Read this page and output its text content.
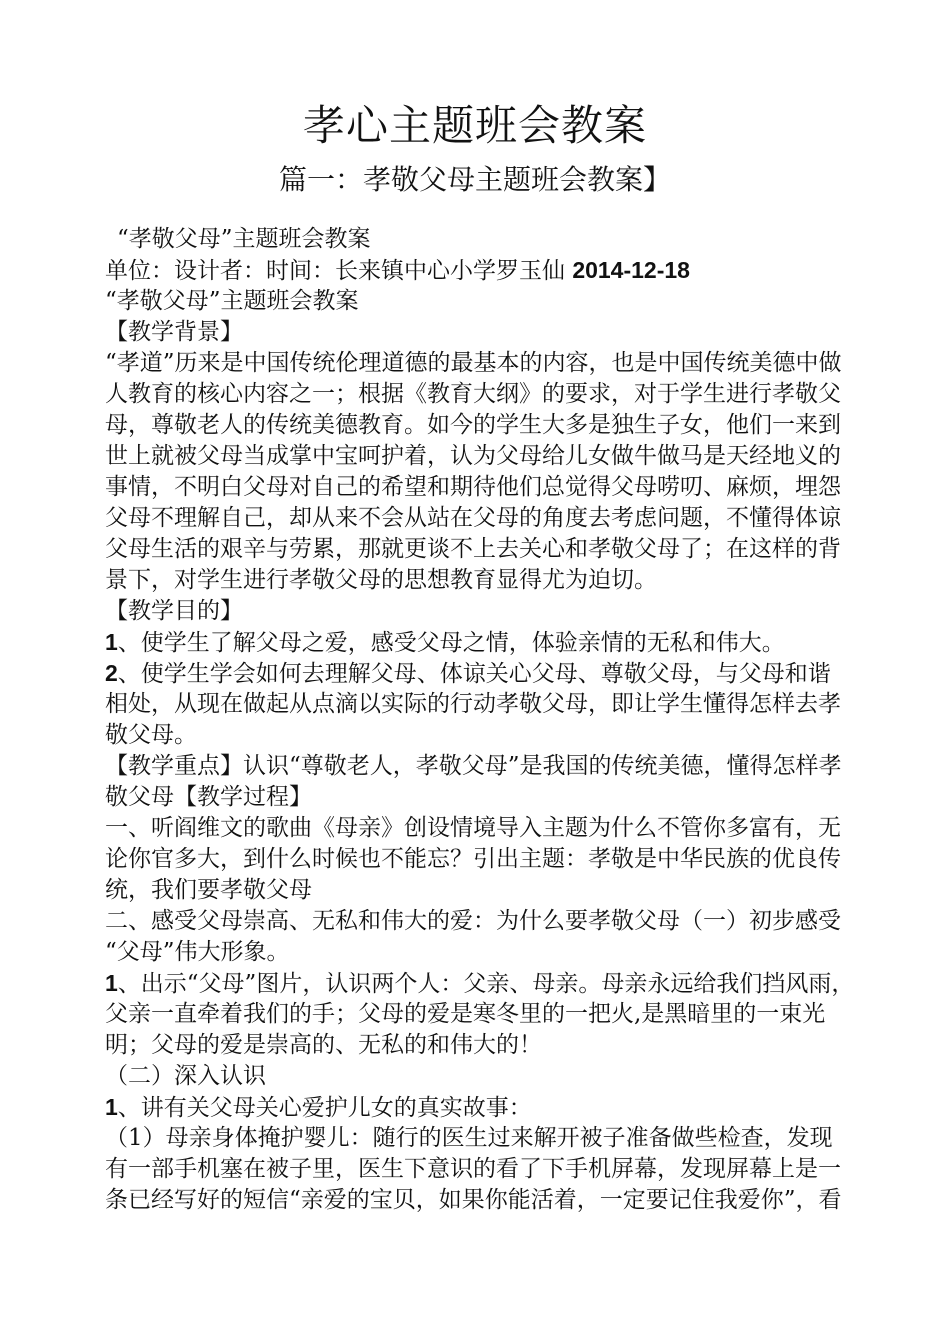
孝心主题班会教案
篇一：孝敬父母主题班会教案】
“孝敬父母”主题班会教案
单位：设计者：时间：长来镇中心小学罗玉仙 2014-12-18
“孝敬父母”主题班会教案
【教学背景】
“孝道”历来是中国传统伦理道德的最基本的内容，也是中国传统美德中做
人教育的核心内容之一；根据《教育大纲》的要求，对于学生进行孝敬父
母，尊敬老人的传统美德教育。如今的学生大多是独生子女，他们一来到
世上就被父母当成掌中宝呵护着，认为父母给儿女做牛做马是天经地义的
事情，不明白父母对自己的希望和期待他们总觉得父母唠叨、麻烦，埋怨
父母不理解自己，却从来不会从站在父母的角度去考虑问题，不懂得体谅
父母生活的艰辛与劳累，那就更谈不上去关心和孝敬父母了；在这样的背
景下，对学生进行孝敬父母的思想教育显得尤为迫切。
【教学目的】
1、使学生了解父母之爱，感受父母之情，体验亲情的无私和伟大。
2、使学生学会如何去理解父母、体谅关心父母、尊敬父母，与父母和谐
相处，从现在做起从点滴以实际的行动孝敬父母，即让学生懂得怎样去孝
敬父母。
【教学重点】认识“尊敬老人，孝敬父母”是我国的传统美德，懂得怎样孝
敬父母【教学过程】
一、听阎维文的歌曲《母亲》创设情境导入主题为什么不管你多富有，无
论你官多大，到什么时候也不能忘？引出主题：孝敬是中华民族的优良传
统，我们要孝敬父母
二、感受父母崇高、无私和伟大的爱：为什么要孝敬父母（一）初步感受
“父母”伟大形象。
1、出示“父母”图片，认识两个人：父亲、母亲。母亲永远给我们挡风雨，
父亲一直牵着我们的手；父母的爱是寒冬里的一把火,是黑暗里的一束光
明；父母的爱是崇高的、无私的和伟大的！
（二）深入认识
1、讲有关父母关心爱护儿女的真实故事：
（1）母亲身体掩护婴儿：随行的医生过来解开被子准备做些检查，发现
有一部手机塞在被子里，医生下意识的看了下手机屏幕，发现屏幕上是一
条已经写好的短信“亲爱的宝贝，如果你能活着，一定要记住我爱你”，看
